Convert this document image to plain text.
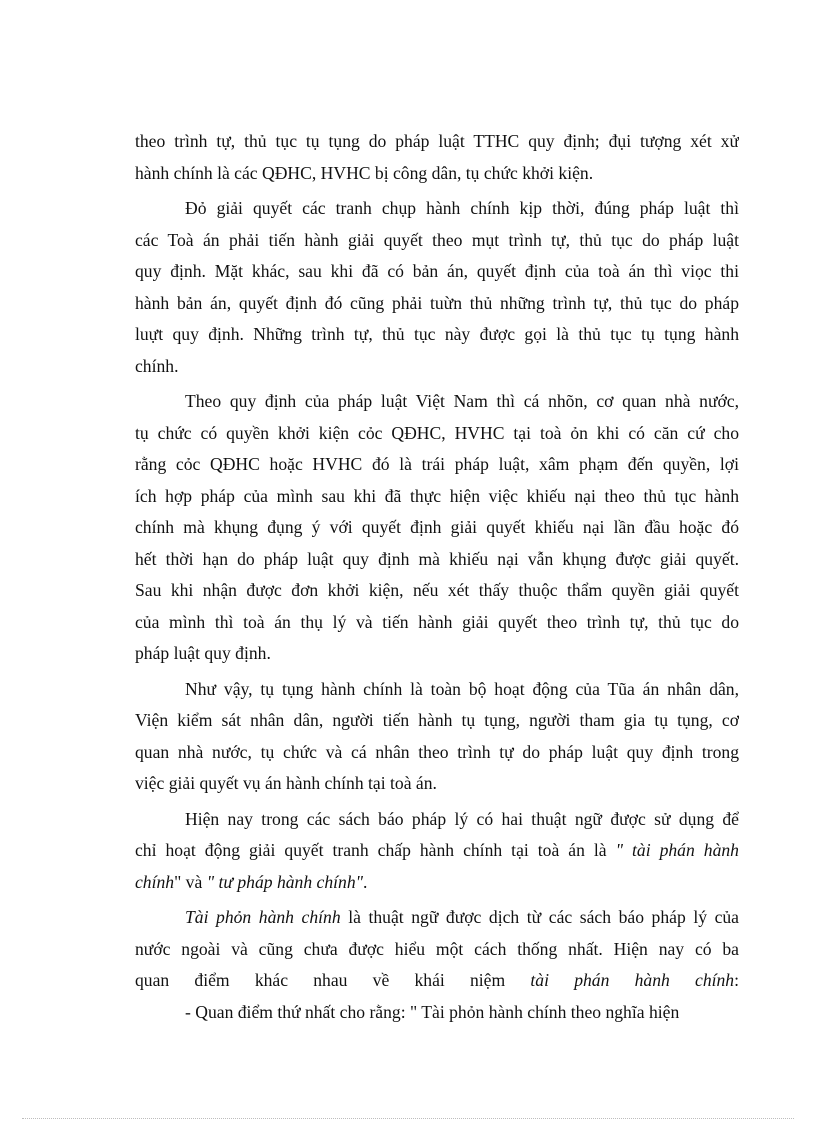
theo trình tự, thủ tục tụ tụng do pháp luật TTHC quy định; đụi tượng xét xử
hành chính là các QĐHC, HVHC bị công dân, tụ chức khởi kiện.
Đỏ giải quyết các tranh chụp hành chính kịp thời, đúng pháp luật thì
các Toà án phải tiến hành giải quyết theo mụt trình tự, thủ tục do pháp luật
quy định. Mặt khác, sau khi đã có bản án, quyết định của toà án thì viọc thi
hành bản án, quyết định đó cũng phải tuừn thủ những trình tự, thủ tục do pháp
luựt quy định. Những trình tự, thủ tục này được gọi là thủ tục tụ tụng hành
chính.
Theo quy định của pháp luật Việt Nam thì cá nhõn, cơ quan nhà nước,
tụ chức có quyền khởi kiện cỏc QĐHC, HVHC tại toà ỏn khi có căn cứ cho
rằng cỏc QĐHC hoặc HVHC đó là trái pháp luật, xâm phạm đến quyền, lợi
ích hợp pháp của mình sau khi đã thực hiện việc khiếu nại theo thủ tục hành
chính mà khụng đụng ý với quyết định giải quyết khiếu nại lần đầu hoặc đó
hết thời hạn do pháp luật quy định mà khiếu nại vẫn khụng được giải quyết.
Sau khi nhận được đơn khởi kiện, nếu xét thấy thuộc thẩm quyền giải quyết
của mình thì toà án thụ lý và tiến hành giải quyết theo trình tự, thủ tục do
pháp luật quy định.
Như vậy, tụ tụng hành chính là toàn bộ hoạt động của Tũa án nhân dân,
Viện kiểm sát nhân dân, người tiến hành tụ tụng, người tham gia tụ tụng, cơ
quan nhà nước, tụ chức và cá nhân theo trình tự do pháp luật quy định trong
việc giải quyết vụ án hành chính tại toà án.
Hiện nay trong các sách báo pháp lý có hai thuật ngữ được sử dụng để
chỉ hoạt động giải quyết tranh chấp hành chính tại toà án là " tài phán hành
chính" và " tư pháp hành chính".
Tài phỏn hành chính là thuật ngữ được dịch từ các sách báo pháp lý của
nước ngoài và cũng chưa được hiểu một cách thống nhất. Hiện nay có ba
quan điểm khác nhau về khái niệm tài phán hành chính:
- Quan điểm thứ nhất cho rằng: " Tài phỏn hành chính theo nghĩa hiện
